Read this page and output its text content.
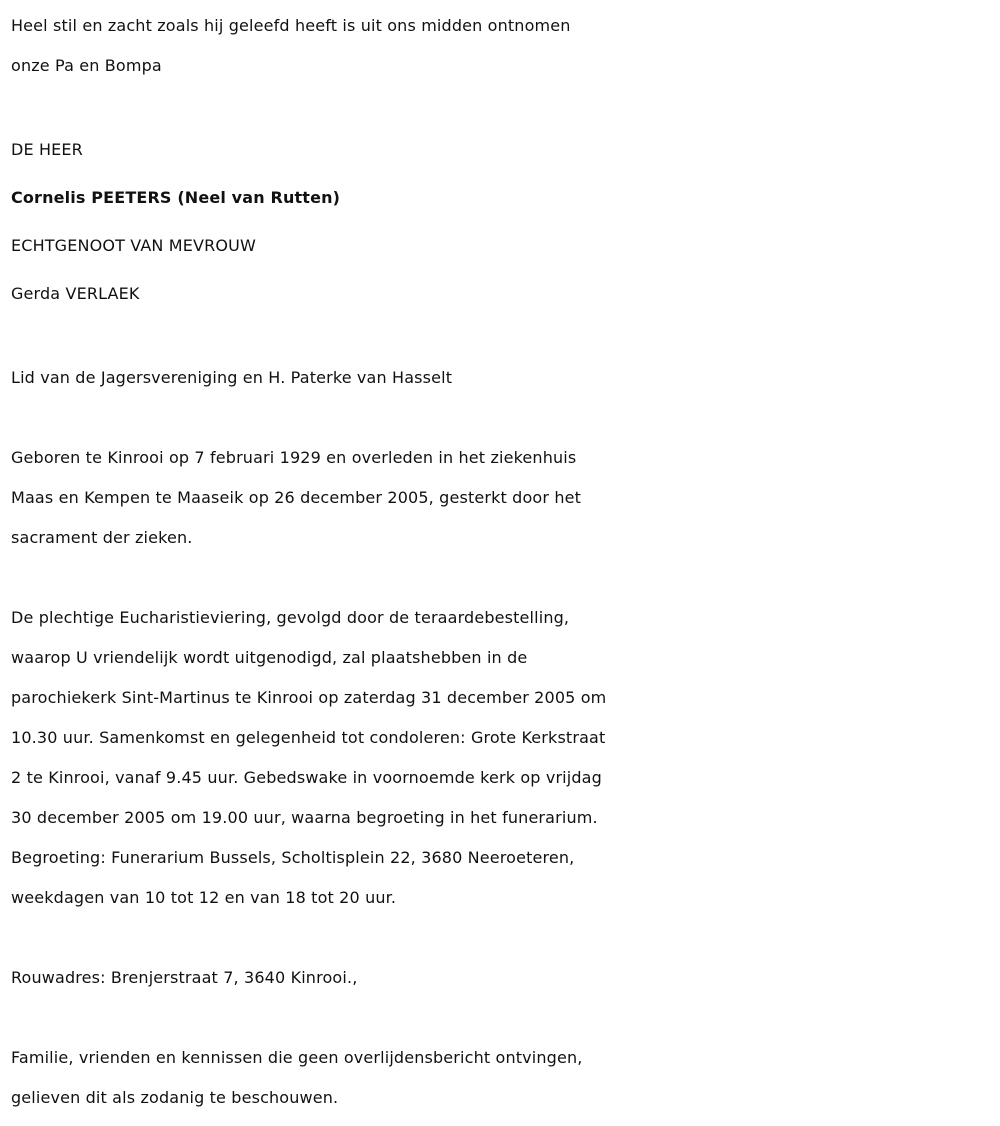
Heel stil en zacht zoals hij geleefd heeft is uit ons midden ontnomen
onze Pa en Bompa
DE HEER
Cornelis PEETERS (Neel van Rutten)
ECHTGENOOT VAN MEVROUW
Gerda VERLAEK
Lid van de Jagersvereniging en H. Paterke van Hasselt
Geboren te Kinrooi op 7 februari 1929 en overleden in het ziekenhuis
Maas en Kempen te Maaseik op 26 december 2005, gesterkt door het
sacrament der zieken.
De plechtige Eucharistieviering, gevolgd door de teraardebestelling,
waarop U vriendelijk wordt uitgenodigd, zal plaatshebben in de
parochiekerk Sint-Martinus te Kinrooi op zaterdag 31 december 2005 om
10.30 uur. Samenkomst en gelegenheid tot condoleren: Grote Kerkstraat
2 te Kinrooi, vanaf 9.45 uur. Gebedswake in voornoemde kerk op vrijdag
30 december 2005 om 19.00 uur, waarna begroeting in het funerarium.
Begroeting: Funerarium Bussels, Scholtisplein 22, 3680 Neeroeteren,
weekdagen van 10 tot 12 en van 18 tot 20 uur.
Rouwadres: Brenjerstraat 7, 3640 Kinrooi.,
Familie, vrienden en kennissen die geen overlijdensbericht ontvingen,
gelieven dit als zodanig te beschouwen.
